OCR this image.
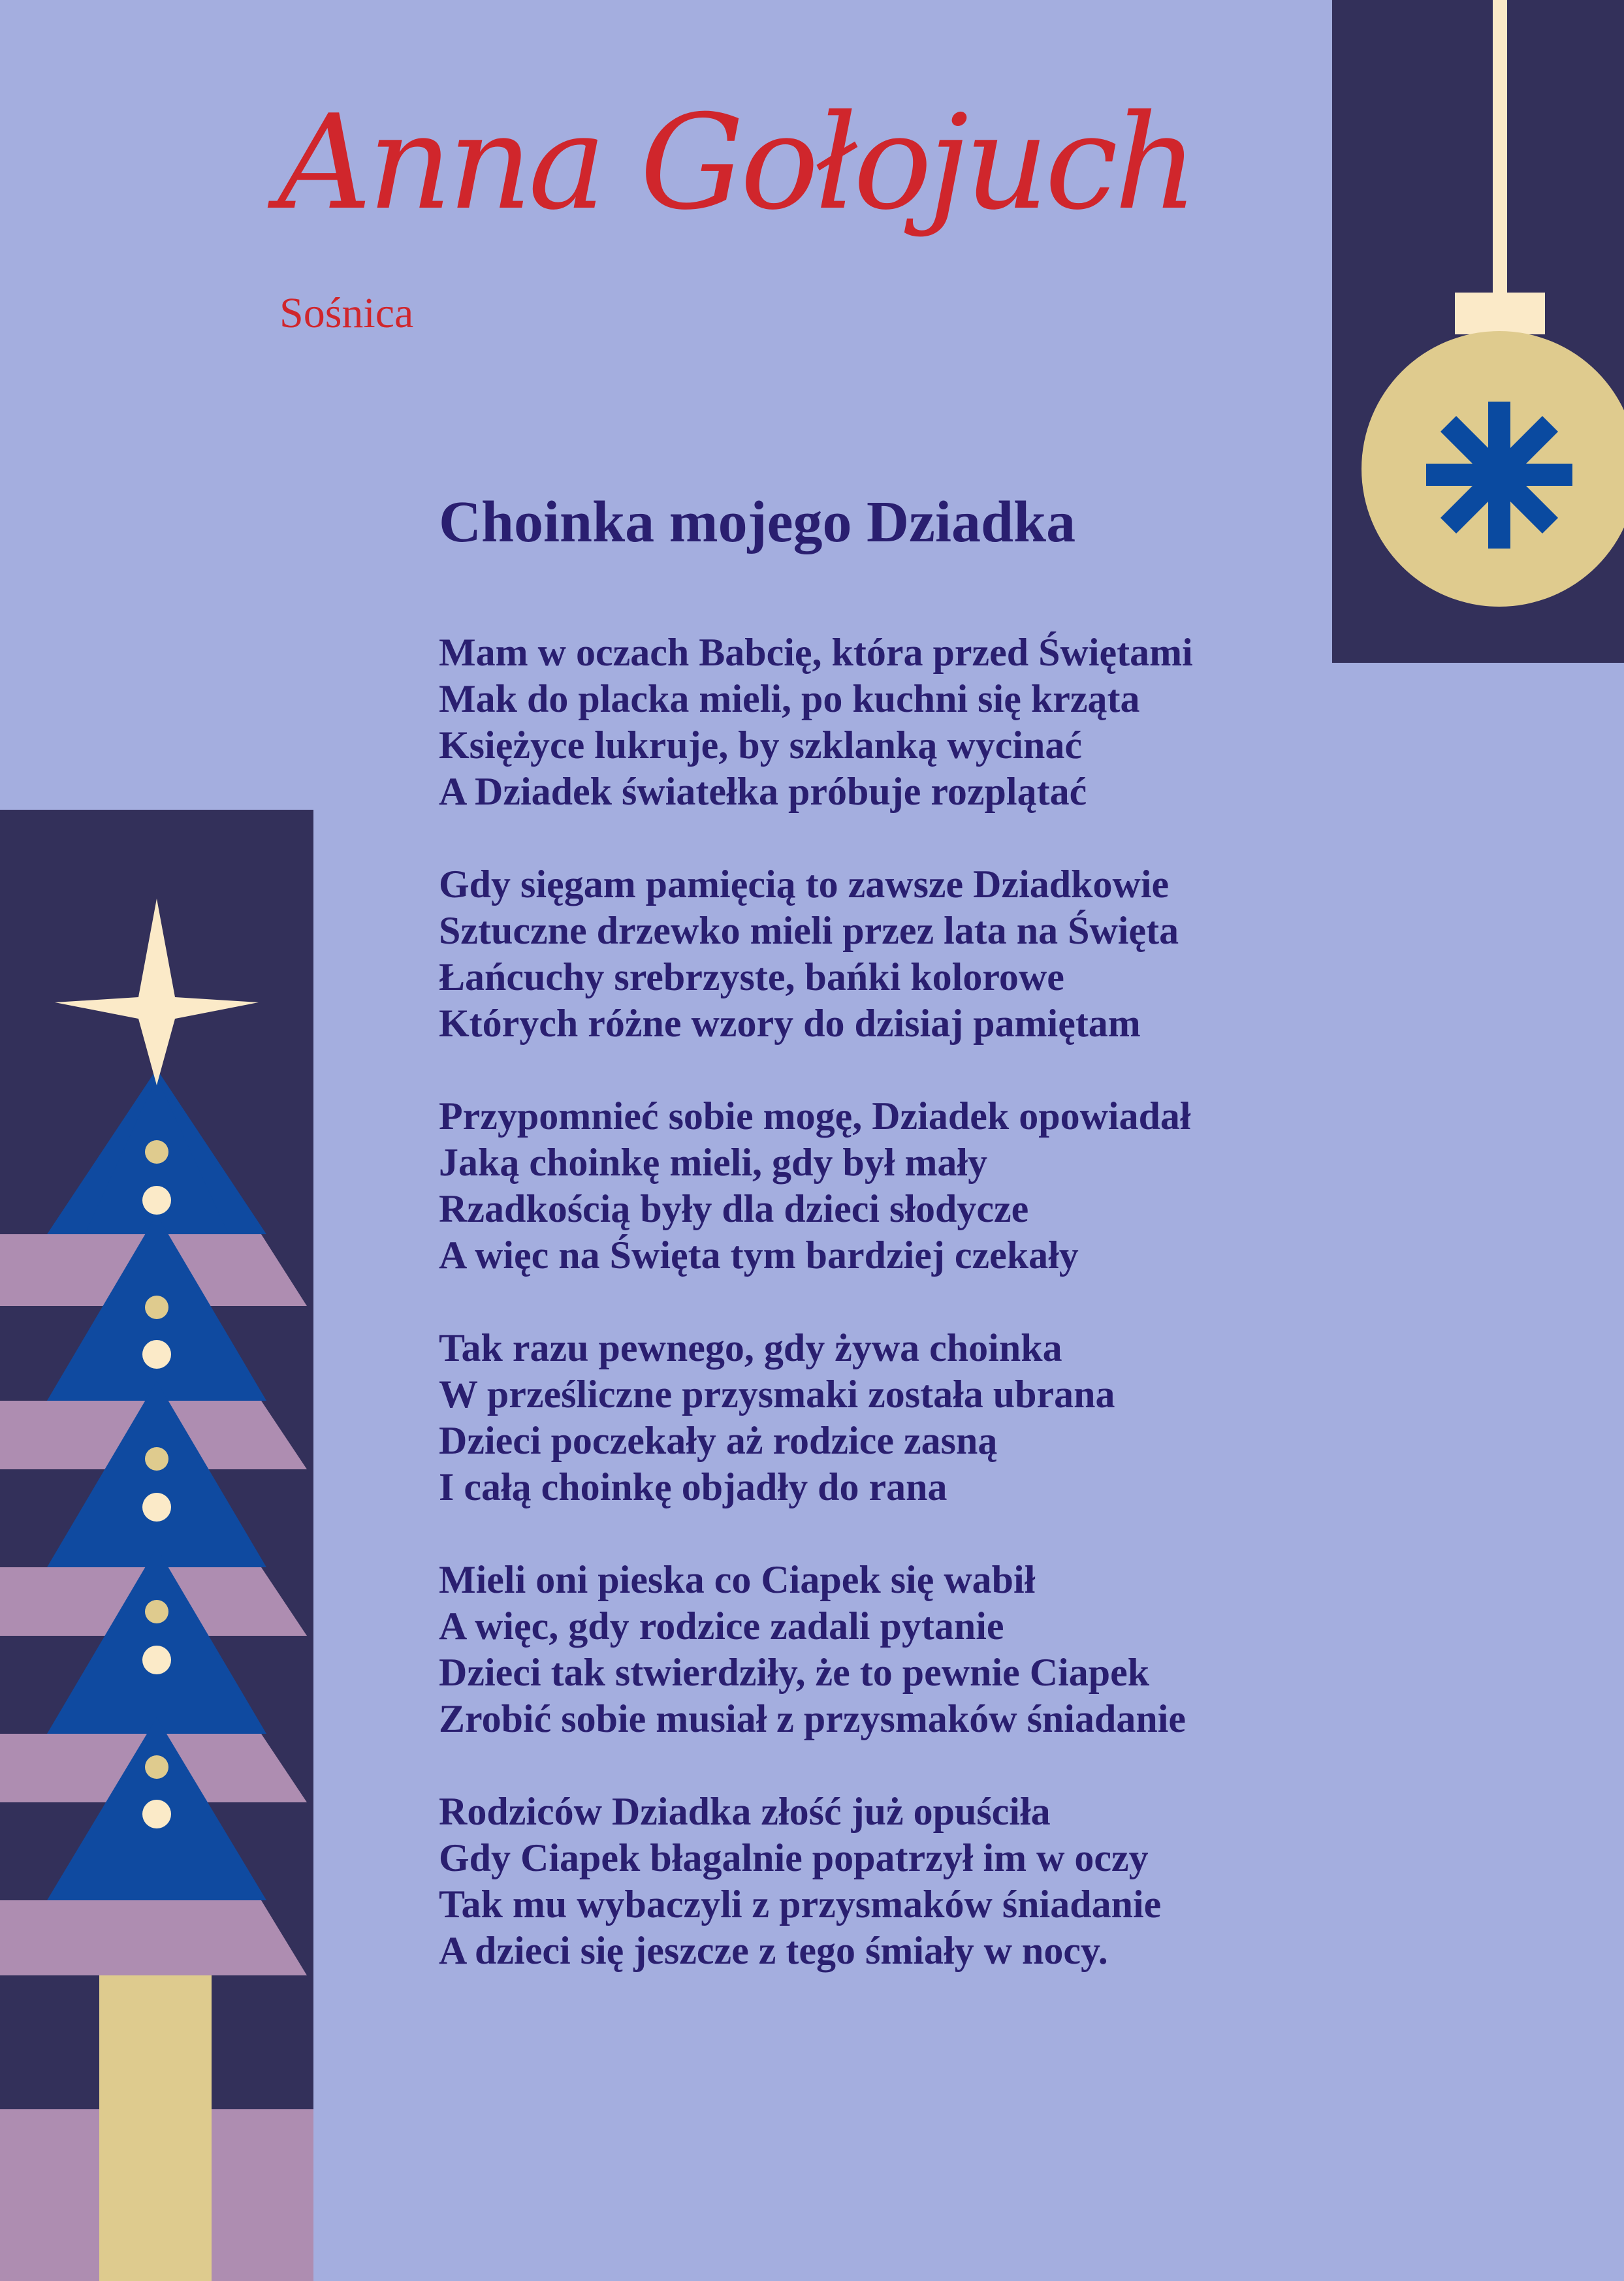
Anna Gołojuch
Sośnica
Choinka mojego Dziadka
Mam w oczach Babcię, która przed Świętami
Mak do placka mieli, po kuchni się krząta
Księżyce lukruje, by szklanką wycinać
A Dziadek światełka próbuje rozplątać
Gdy sięgam pamięcią to zawsze Dziadkowie
Sztuczne drzewko mieli przez lata na Święta
Łańcuchy srebrzyste, bańki kolorowe
Których różne wzory do dzisiaj pamiętam
Przypomnieć sobie mogę, Dziadek opowiadał
Jaką choinkę mieli, gdy był mały
Rzadkością były dla dzieci słodycze
A więc na Święta tym bardziej czekały
Tak razu pewnego, gdy żywa choinka
W prześliczne przysmaki została ubrana
Dzieci poczekały aż rodzice zasną
I całą choinkę objadły do rana
Mieli oni pieska co Ciapek się wabił
A więc, gdy rodzice zadali pytanie
Dzieci tak stwierdziły, że to pewnie Ciapek
Zrobić sobie musiał z przysmaków śniadanie
Rodziców Dziadka złość już opuściła
Gdy Ciapek błagalnie popatrzył im w oczy
Tak mu wybaczyli z przysmaków śniadanie
A dzieci się jeszcze z tego śmiały w nocy.
